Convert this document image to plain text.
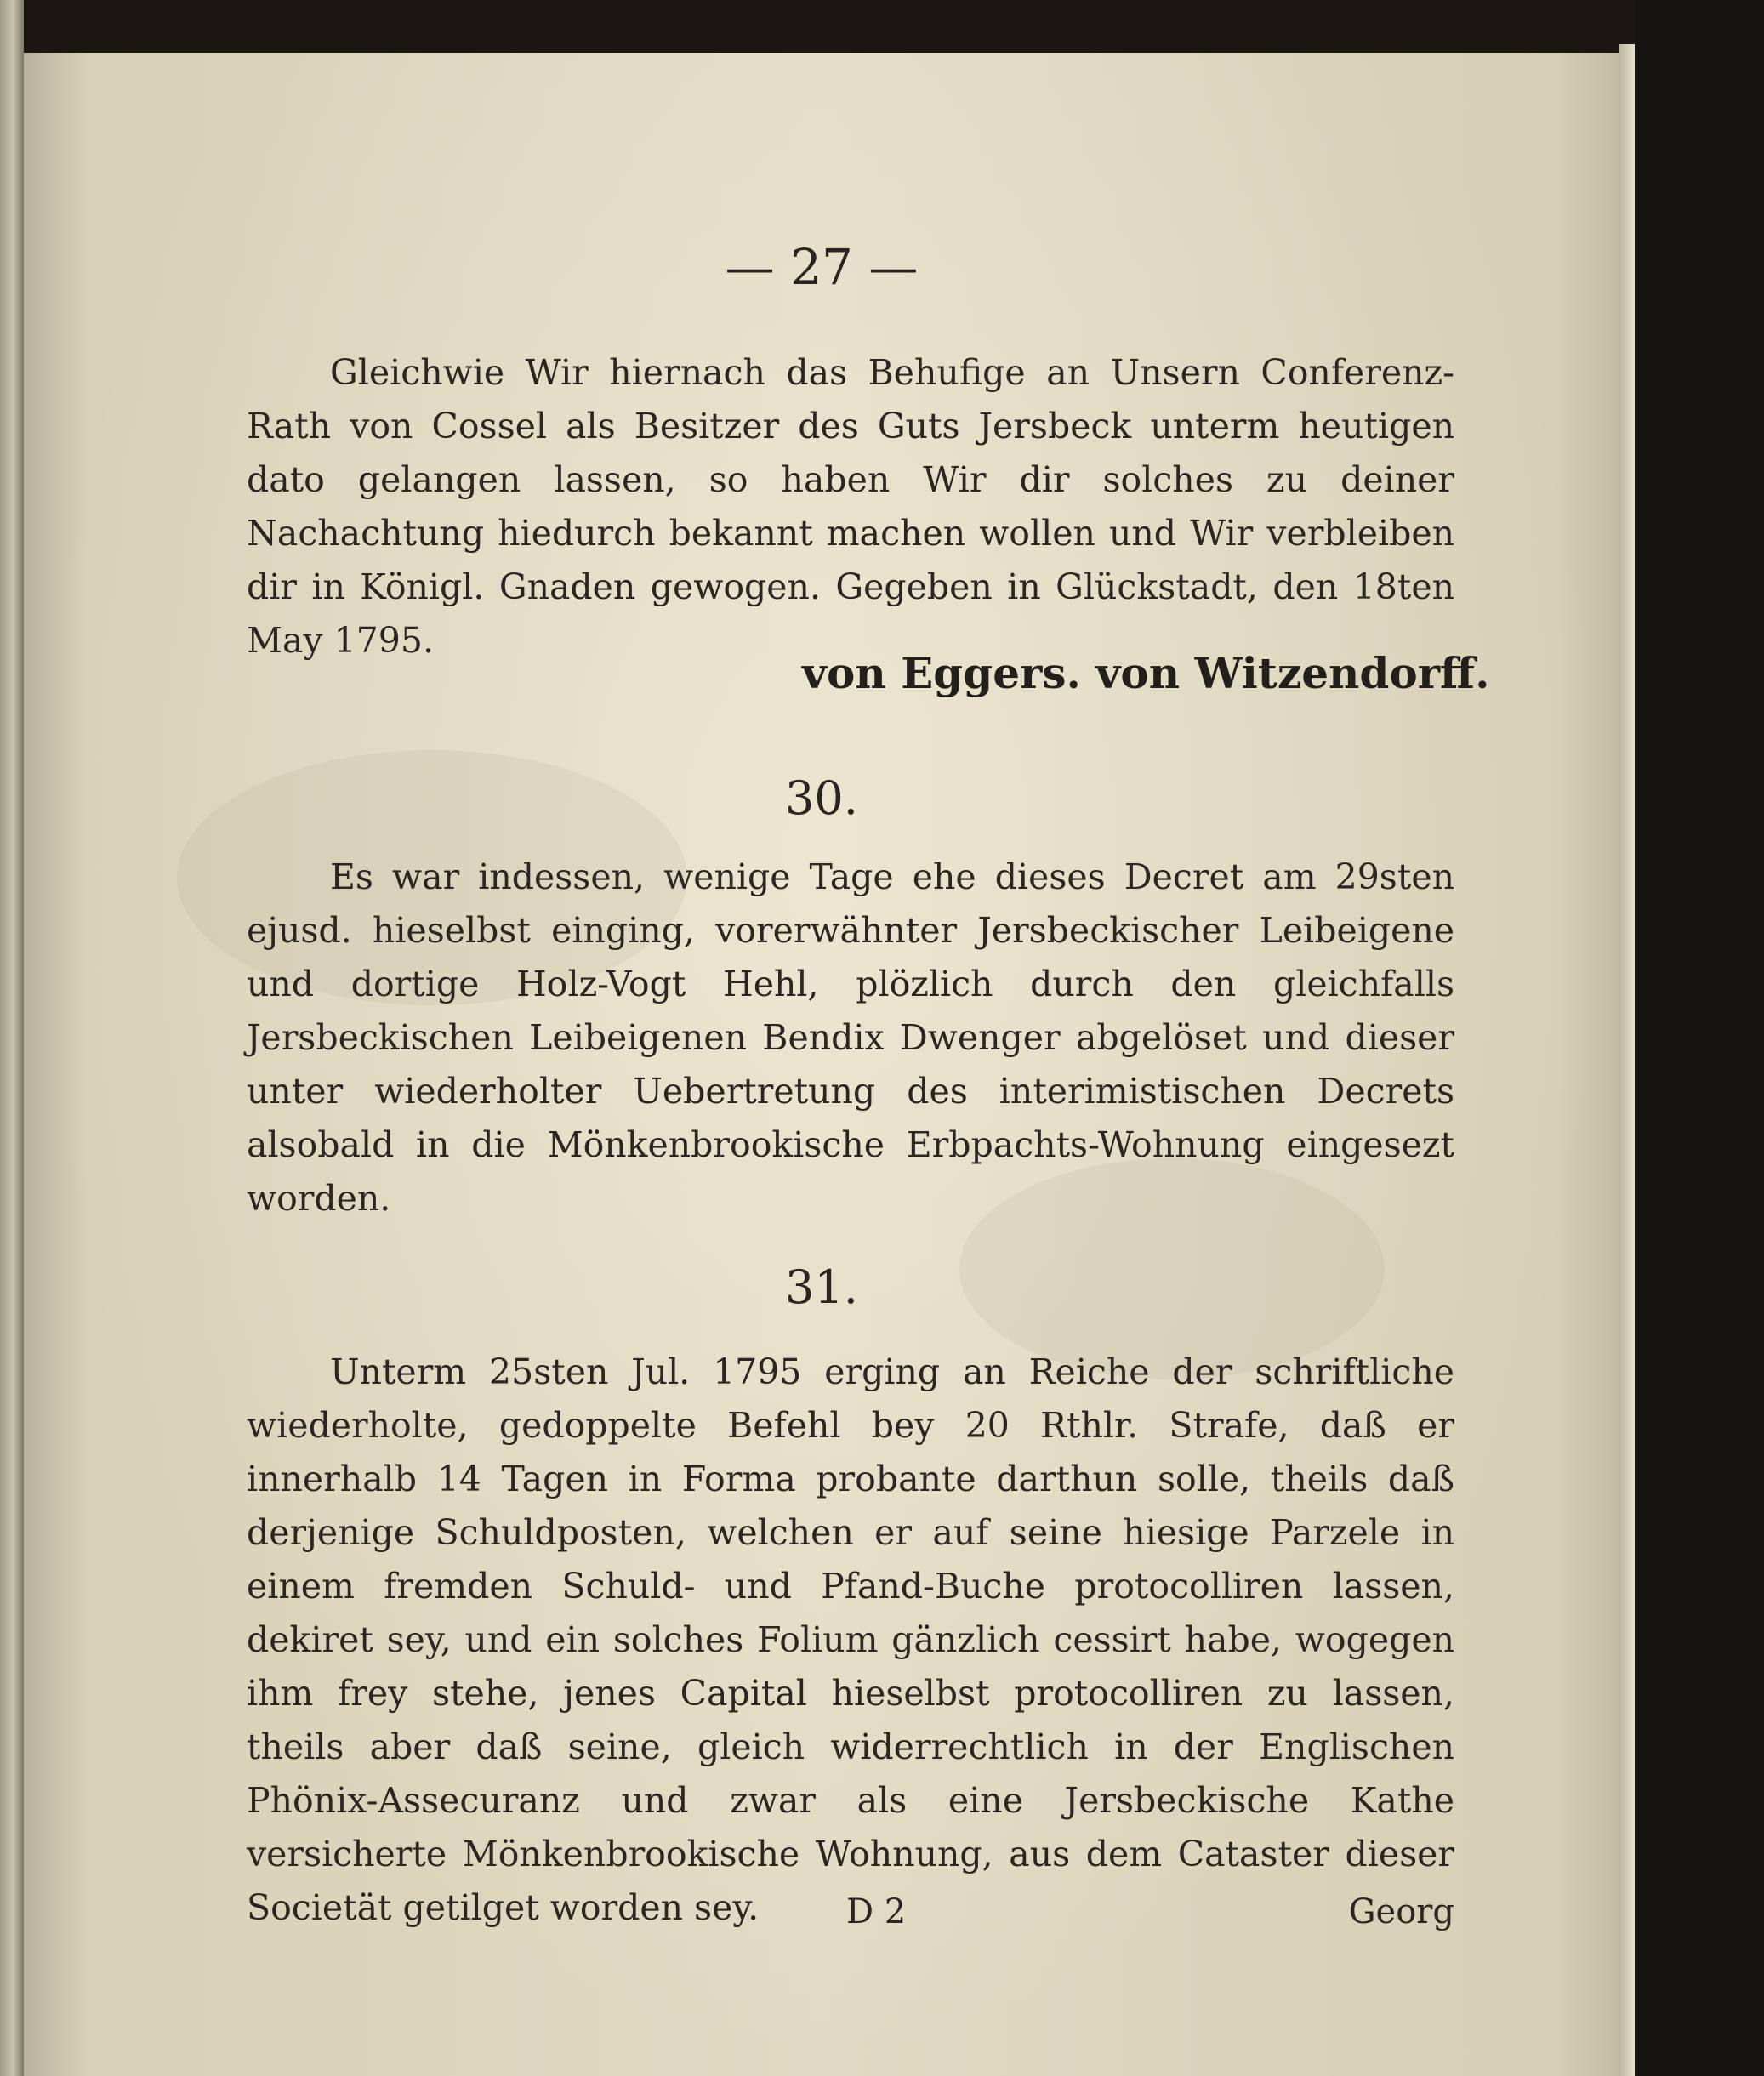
— 27 —
Gleichwie Wir hiernach das Behufige an Unsern Conferenz-Rath von Cossel als Besitzer des Guts Jersbeck unterm heutigen dato gelangen lassen, so haben Wir dir solches zu deiner Nachachtung hiedurch bekannt machen wollen und Wir verbleiben dir in Königl. Gnaden gewogen. Gegeben in Glückstadt, den 18ten May 1795.
von Eggers. von Witzendorff.
30.
Es war indessen, wenige Tage ehe dieses Decret am 29sten ejusd. hieselbst einging, vorerwähnter Jersbeckischer Leibeigene und dortige Holz-Vogt Hehl, plözlich durch den gleichfalls Jersbeckischen Leibeigenen Bendix Dwenger abgelöset und dieser unter wiederholter Uebertretung des interimistischen Decrets alsobald in die Mönkenbrookische Erbpachts-Wohnung eingesezt worden.
31.
Unterm 25sten Jul. 1795 erging an Reiche der schriftliche wiederholte, gedoppelte Befehl bey 20 Rthlr. Strafe, daß er innerhalb 14 Tagen in Forma probante darthun solle, theils daß derjenige Schuldposten, welchen er auf seine hiesige Parzele in einem fremden Schuld- und Pfand-Buche protocolliren lassen, dekiret sey, und ein solches Folium gänzlich cessirt habe, wogegen ihm frey stehe, jenes Capital hieselbst protocolliren zu lassen, theils aber daß seine, gleich widerrechtlich in der Englischen Phönix-Assecuranz und zwar als eine Jersbeckische Kathe versicherte Mönkenbrookische Wohnung, aus dem Cataster dieser Societät getilget worden sey.	D 2	Georg
